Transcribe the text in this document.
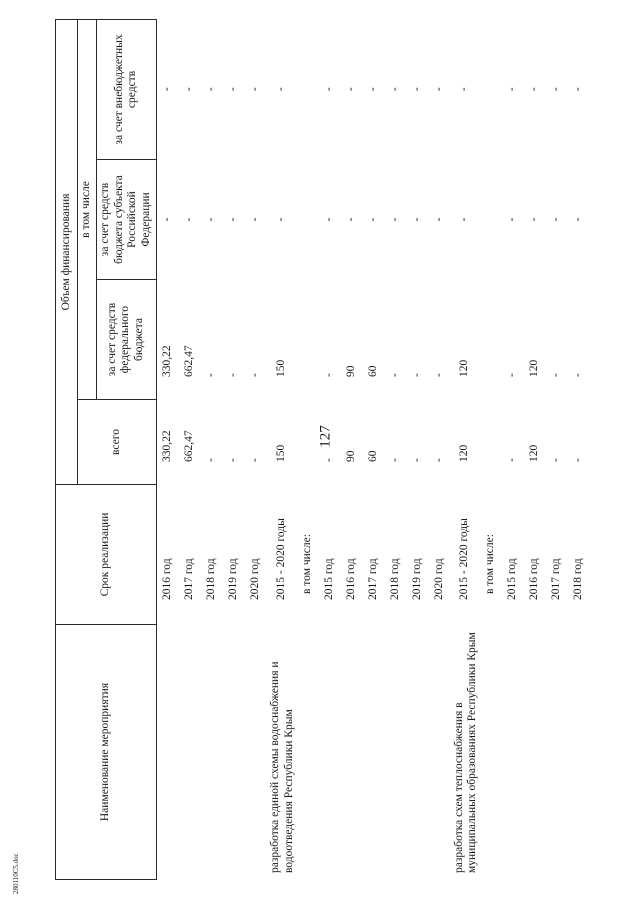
127
Наименование мероприятия	Срок реализации	Объем финансирования			
		всего	в том числе		
			за счет средств федерального бюджета	за счет средств бюджета субъекта Российской Федерации	за счет внебюджетных средств
	2016 год	330,22	330,22	-	-
	2017 год	662,47	662,47	-	-
	2018 год	-	-	-	-
	2019 год	-	-	-	-
	2020 год	-	-	-	-
разработка единой схемы водоснабжения и водоотведения Республики Крым	2015 - 2020 годы	150	150	-	-
	в том числе:				
	2015 год	-	-	-	-
	2016 год	90	90	-	-
	2017 год	60	60	-	-
	2018 год	-	-	-	-
	2019 год	-	-	-	-
	2020 год	-	-	-	-
разработка схем теплоснабжения в муниципальных образованиях Республики Крым	2015 - 2020 годы	120	120	-	-
	в том числе:				
	2015 год	-	-	-	-
	2016 год	120	120	-	-
	2017 год	-	-	-	-
	2018 год	-	-	-	-
280110C5.doc
